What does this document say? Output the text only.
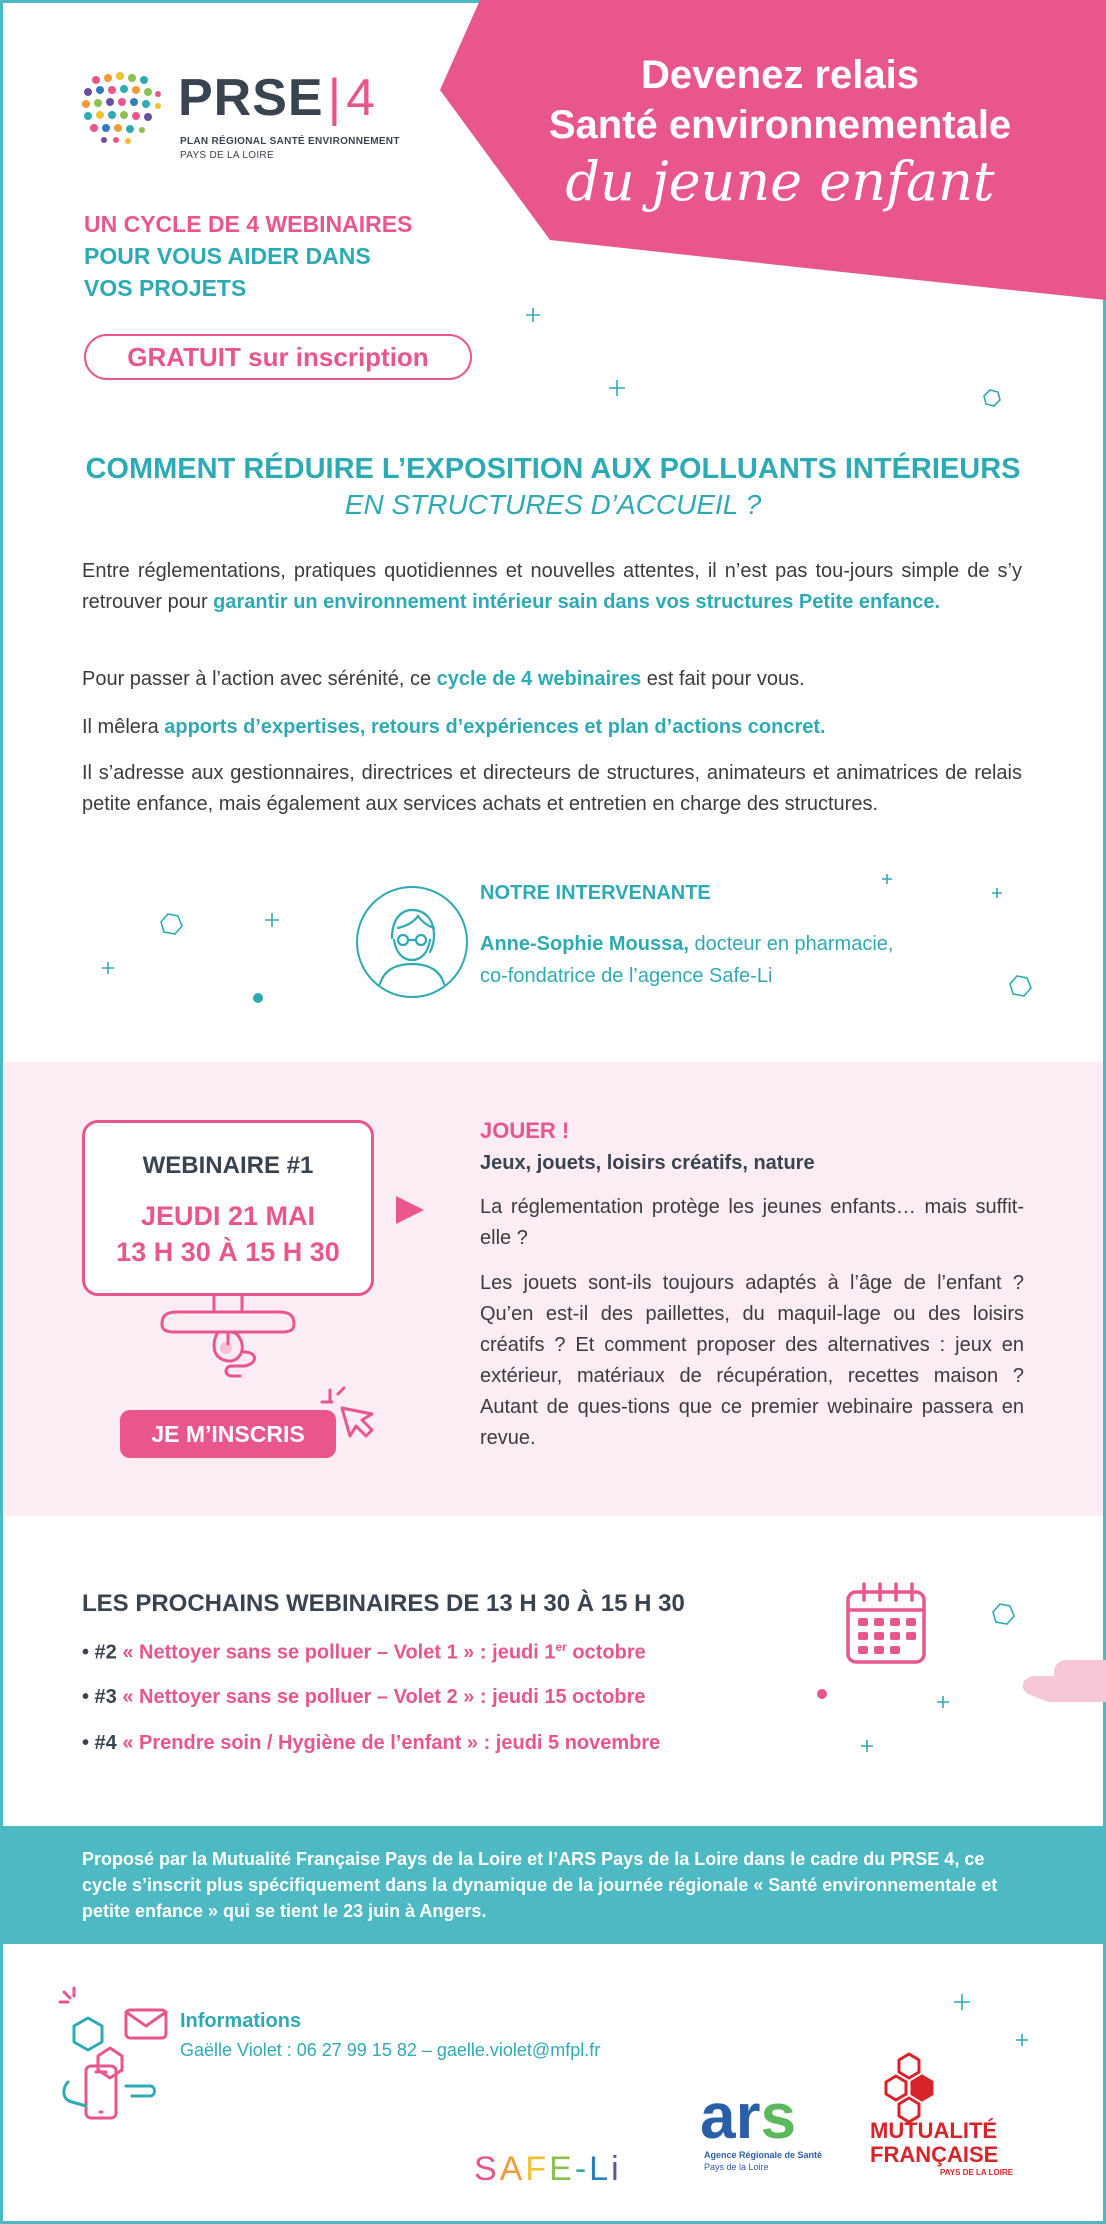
Devenez relais
Santé environnementale
du jeune enfant
PRSE|4
PLAN RÉGIONAL SANTÉ ENVIRONNEMENT
PAYS DE LA LOIRE
UN CYCLE DE 4 WEBINAIRES
POUR VOUS AIDER DANS
VOS PROJETS
GRATUIT sur inscription
COMMENT RÉDUIRE L’EXPOSITION AUX POLLUANTS INTÉRIEURS
EN STRUCTURES D’ACCUEIL ?
Entre réglementations, pratiques quotidiennes et nouvelles attentes, il n’est pas tou-jours simple de s’y retrouver pour garantir un environnement intérieur sain dans vos structures Petite enfance.
Pour passer à l’action avec sérénité, ce cycle de 4 webinaires est fait pour vous.
Il mêlera apports d’expertises, retours d’expériences et plan d’actions concret.
Il s’adresse aux gestionnaires, directrices et directeurs de structures, animateurs et animatrices de relais petite enfance, mais également aux services achats et entretien en charge des structures.
NOTRE INTERVENANTE
Anne-Sophie Moussa, docteur en pharmacie,
co-fondatrice de l’agence Safe-Li
WEBINAIRE #1
JEUDI 21 MAI
13 H 30 À 15 H 30
JE M’INSCRIS
JOUER !
Jeux, jouets, loisirs créatifs, nature
La réglementation protège les jeunes enfants… mais suffit-elle ?
Les jouets sont-ils toujours adaptés à l’âge de l’enfant ? Qu’en est-il des paillettes, du maquil-lage ou des loisirs créatifs ? Et comment proposer des alternatives : jeux en extérieur, matériaux de récupération, recettes maison ? Autant de ques-tions que ce premier webinaire passera en revue.
LES PROCHAINS WEBINAIRES DE 13 H 30 À 15 H 30
• #2 « Nettoyer sans se polluer – Volet 1 » : jeudi 1er octobre
• #3 « Nettoyer sans se polluer – Volet 2 » : jeudi 15 octobre
• #4 « Prendre soin / Hygiène de l’enfant » : jeudi 5 novembre
Proposé par la Mutualité Française Pays de la Loire et l’ARS Pays de la Loire dans le cadre du PRSE 4, ce cycle s’inscrit plus spécifiquement dans la dynamique de la journée régionale « Santé environnementale et petite enfance » qui se tient le 23 juin à Angers.
Informations
Gaëlle Violet : 06 27 99 15 82 – gaelle.violet@mfpl.fr
SAFE-Li
ars
Agence Régionale de Santé
Pays de la Loire
MUTUALITÉ
FRANÇAISE
PAYS DE LA LOIRE
